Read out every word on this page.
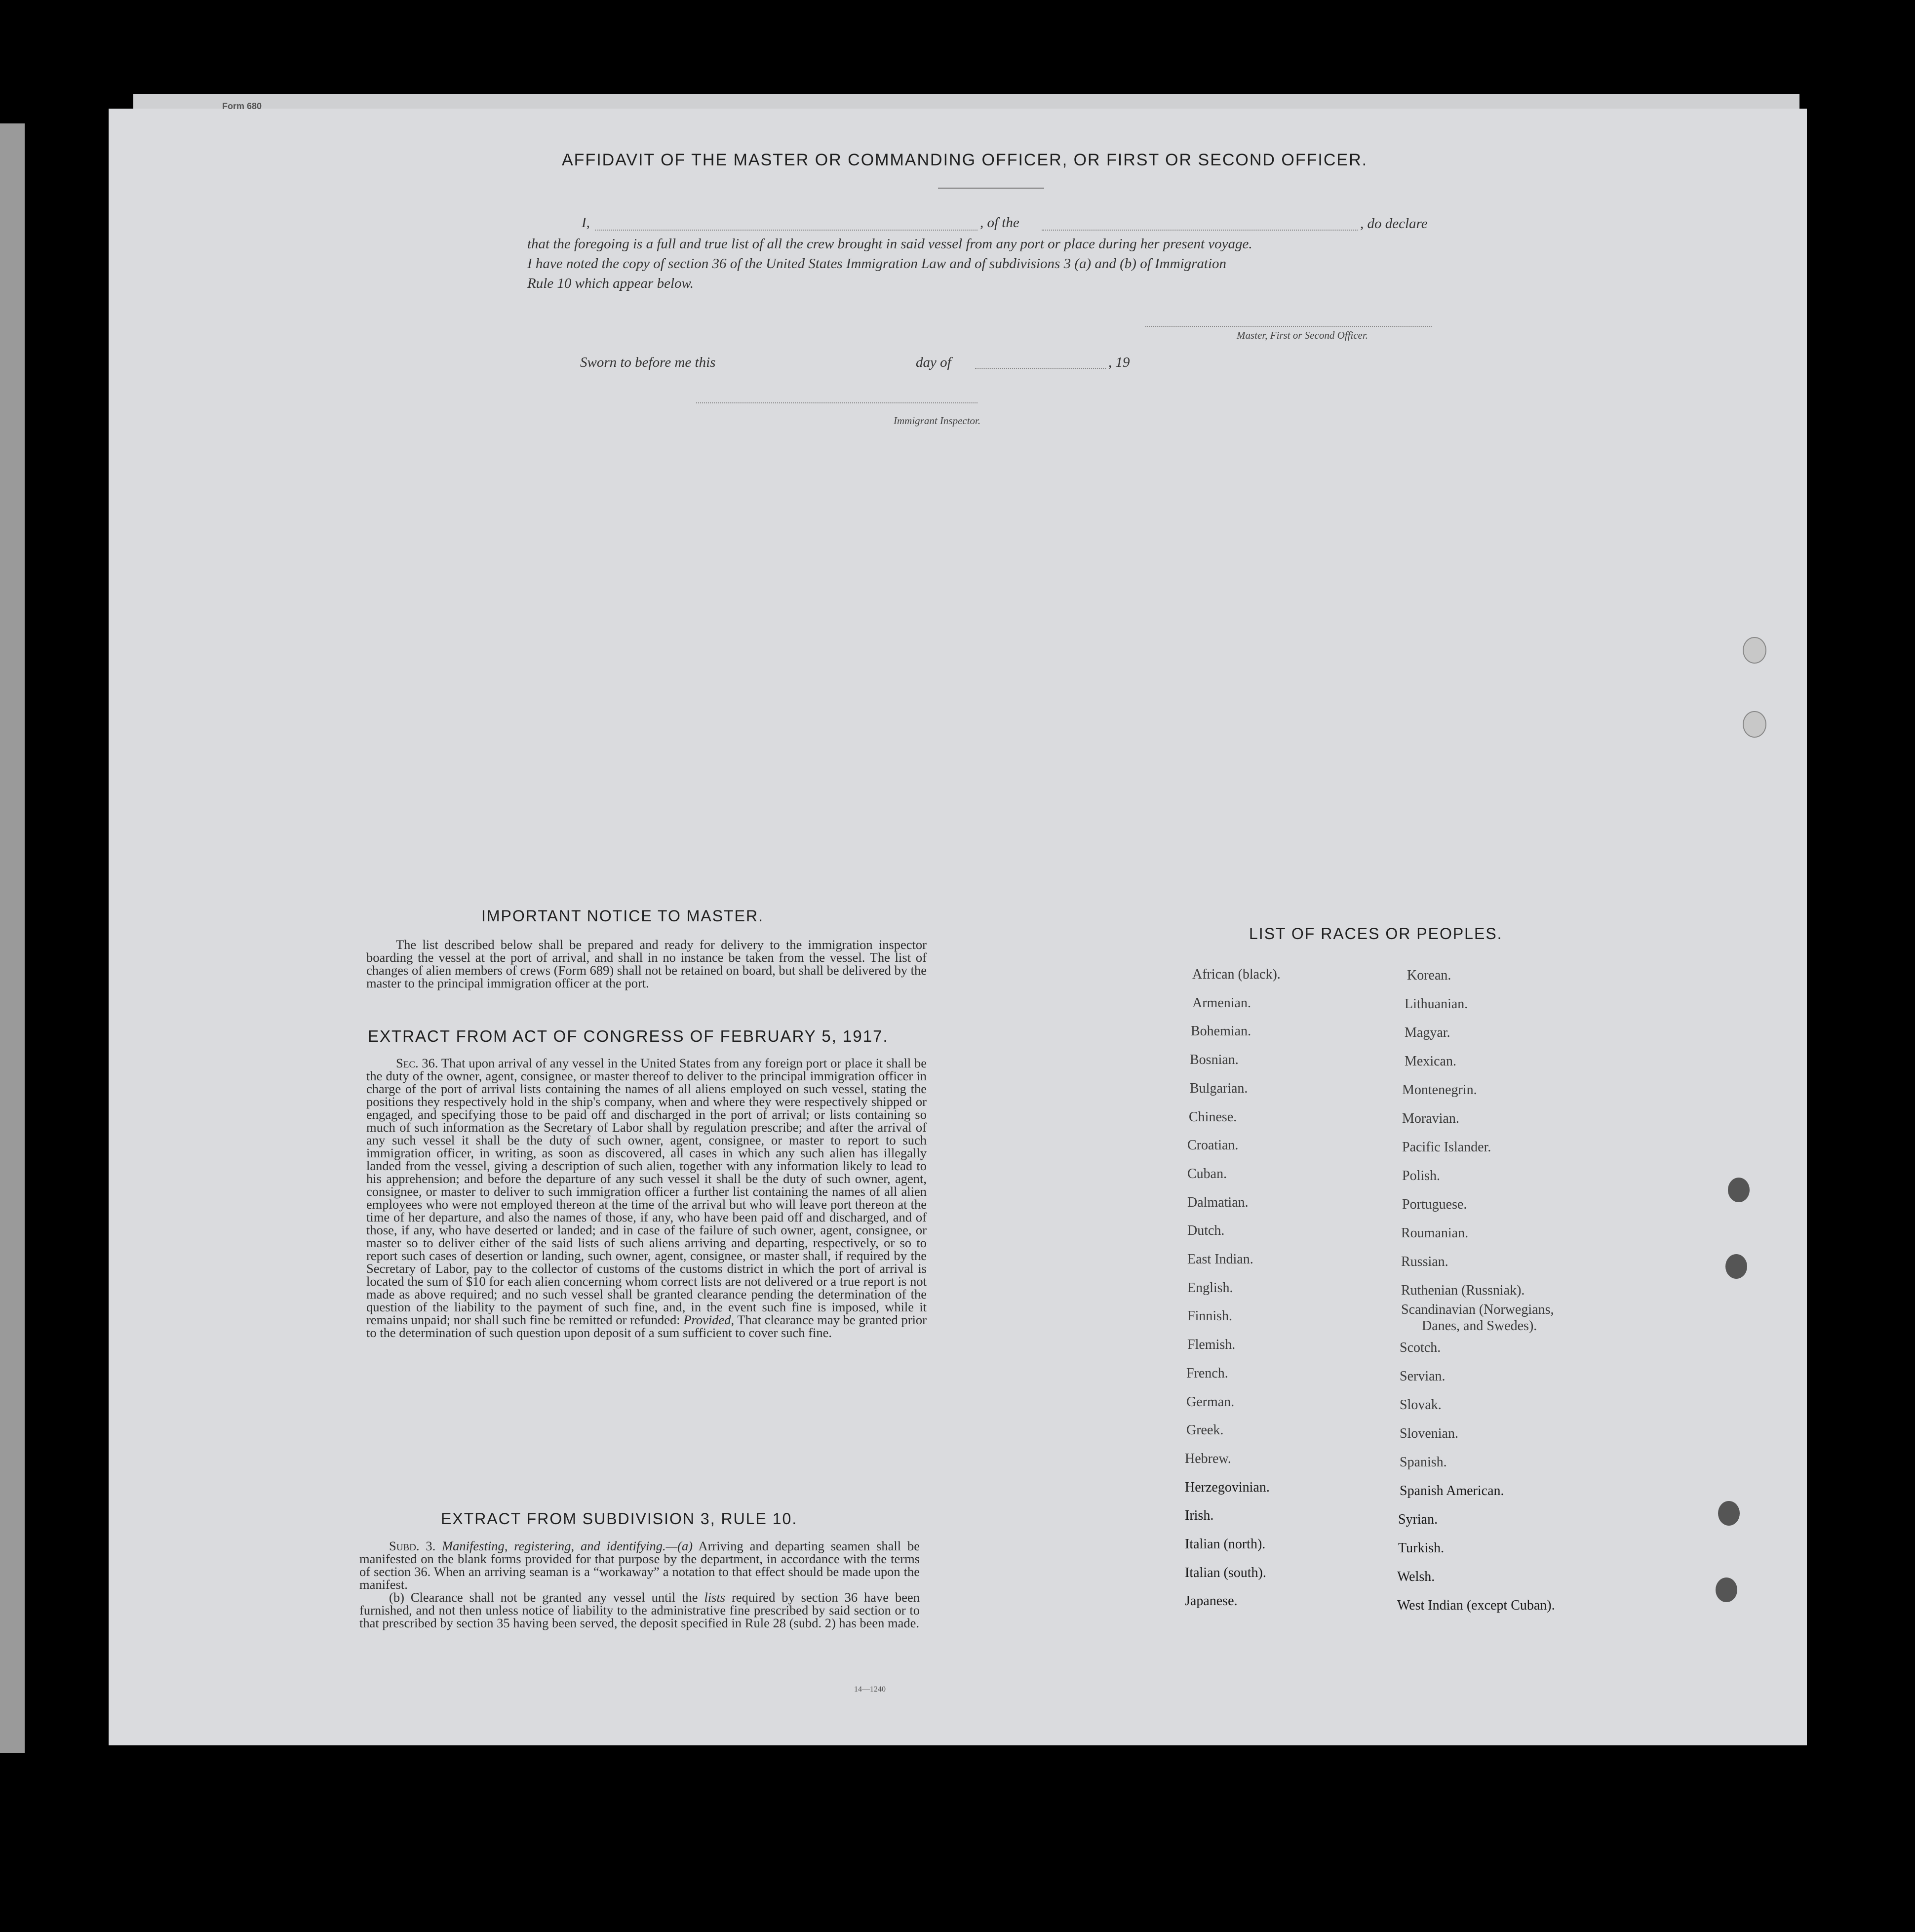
Form 680
AFFIDAVIT OF THE MASTER OR COMMANDING OFFICER, OR FIRST OR SECOND OFFICER.
I,	, of the	, do declare
that the foregoing is a full and true list of all the crew brought in said vessel from any port or place during her present voyage.
I have noted the copy of section 36 of the United States Immigration Law and of subdivisions 3 (a) and (b) of Immigration
Rule 10 which appear below.
Master, First or Second Officer.
Sworn to before me this	day of	, 19
Immigrant Inspector.
IMPORTANT NOTICE TO MASTER.
The list described below shall be prepared and ready for delivery to the immigration inspector boarding the vessel at the port of arrival, and shall in no instance be taken from the vessel. The list of changes of alien members of crews (Form 689) shall not be retained on board, but shall be delivered by the master to the principal immigration officer at the port.
EXTRACT FROM ACT OF CONGRESS OF FEBRUARY 5, 1917.
Sec. 36. That upon arrival of any vessel in the United States from any foreign port or place it shall be the duty of the owner, agent, consignee, or master thereof to deliver to the principal immigration officer in charge of the port of arrival lists containing the names of all aliens employed on such vessel, stating the positions they respectively hold in the ship's company, when and where they were respectively shipped or engaged, and specifying those to be paid off and discharged in the port of arrival; or lists containing so much of such information as the Secretary of Labor shall by regulation prescribe; and after the arrival of any such vessel it shall be the duty of such owner, agent, consignee, or master to report to such immigration officer, in writing, as soon as discovered, all cases in which any such alien has illegally landed from the vessel, giving a description of such alien, together with any information likely to lead to his apprehension; and before the departure of any such vessel it shall be the duty of such owner, agent, consignee, or master to deliver to such immigration officer a further list containing the names of all alien employees who were not employed thereon at the time of the arrival but who will leave port thereon at the time of her departure, and also the names of those, if any, who have been paid off and discharged, and of those, if any, who have deserted or landed; and in case of the failure of such owner, agent, consignee, or master so to deliver either of the said lists of such aliens arriving and departing, respectively, or so to report such cases of desertion or landing, such owner, agent, consignee, or master shall, if required by the Secretary of Labor, pay to the collector of customs of the customs district in which the port of arrival is located the sum of $10 for each alien concerning whom correct lists are not delivered or a true report is not made as above required; and no such vessel shall be granted clearance pending the determination of the question of the liability to the payment of such fine, and, in the event such fine is imposed, while it remains unpaid; nor shall such fine be remitted or refunded: Provided, That clearance may be granted prior to the determination of such question upon deposit of a sum sufficient to cover such fine.
EXTRACT FROM SUBDIVISION 3, RULE 10.
Subd. 3. Manifesting, registering, and identifying.—(a) Arriving and departing seamen shall be manifested on the blank forms provided for that purpose by the department, in accordance with the terms of section 36. When an arriving seaman is a “workaway” a notation to that effect should be made upon the manifest.
(b) Clearance shall not be granted any vessel until the lists required by section 36 have been furnished, and not then unless notice of liability to the administrative fine prescribed by said section or to that prescribed by section 35 having been served, the deposit specified in Rule 28 (subd. 2) has been made.
14—1240
LIST OF RACES OR PEOPLES.
African (black).
Armenian.
Bohemian.
Bosnian.
Bulgarian.
Chinese.
Croatian.
Cuban.
Dalmatian.
Dutch.
East Indian.
English.
Finnish.
Flemish.
French.
German.
Greek.
Hebrew.
Herzegovinian.
Irish.
Italian (north).
Italian (south).
Japanese.
Korean.
Lithuanian.
Magyar.
Mexican.
Montenegrin.
Moravian.
Pacific Islander.
Polish.
Portuguese.
Roumanian.
Russian.
Ruthenian (Russniak).
Scandinavian (Norwegians,
Danes, and Swedes).
Scotch.
Servian.
Slovak.
Slovenian.
Spanish.
Spanish American.
Syrian.
Turkish.
Welsh.
West Indian (except Cuban).
